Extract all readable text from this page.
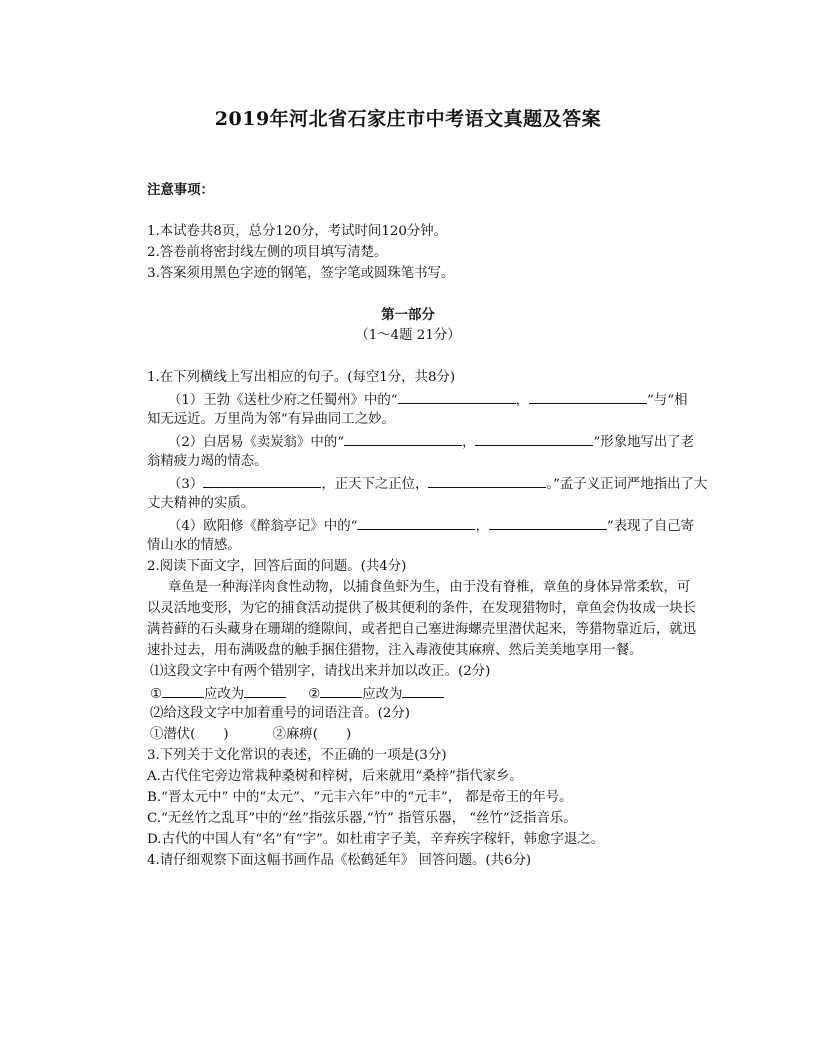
2019年河北省石家庄市中考语文真题及答案
注意事项：
1.本试卷共8页，总分120分，考试时间120分钟。
2.答卷前将密封线左侧的项目填写清楚。
3.答案须用黑色字迹的钢笔，签字笔或圆珠笔书写。
第一部分
（1～4题 21分）
1.在下列横线上写出相应的句子。(每空1分，共8分)
（1）王勃《送杜少府之任蜀州》中的“	，	”与“相
知无远近。万里尚为邻”有异曲同工之妙。
（2）白居易《卖炭翁》中的“	，	”形象地写出了老
翁精疲力竭的情态。
（3）	，正天下之正位，	。”孟子义正词严地指出了大
丈夫精神的实质。
（4）欧阳修《醉翁亭记》中的“	，	”表现了自己寄
情山水的情感。
2.阅读下面文字，回答后面的问题。(共4分)
章鱼是一种海洋肉食性动物，以捕食鱼虾为生，由于没有脊椎，章鱼的身体异常柔软，可
以灵活地变形，为它的捕食活动提供了极其便利的条件，在发现猎物时，章鱼会伪妆成一块长
满苔藓的石头藏身在珊瑚的缝隙间，或者把自己塞进海螺壳里潜伏起来，等猎物靠近后，就迅
速扑过去，用布满吸盘的触手捆住猎物，注入毒液使其麻痹、然后美美地享用一餐。
⑴这段文字中有两个错别字，请找出来并加以改正。(2分)
①	应改为	②	应改为
⑵给这段文字中加着重号的词语注音。(2分)
①潜伏( )	②麻痹( )
3.下列关于文化常识的表述，不正确的一项是(3分)
A.古代住宅旁边常栽种桑树和梓树，后来就用“桑梓”指代家乡。
B.“晋太元中” 中的“太元”、“元丰六年”中的“元丰”， 都是帝王的年号。
C.“无丝竹之乱耳”中的“丝”指弦乐器,“竹” 指管乐器， “丝竹”泛指音乐。
D.古代的中国人有“名”有“字”。如杜甫字子美，辛弃疾字稼轩，韩愈字退之。
4.请仔细观察下面这幅书画作品《松鹤延年》 回答问题。(共6分)
